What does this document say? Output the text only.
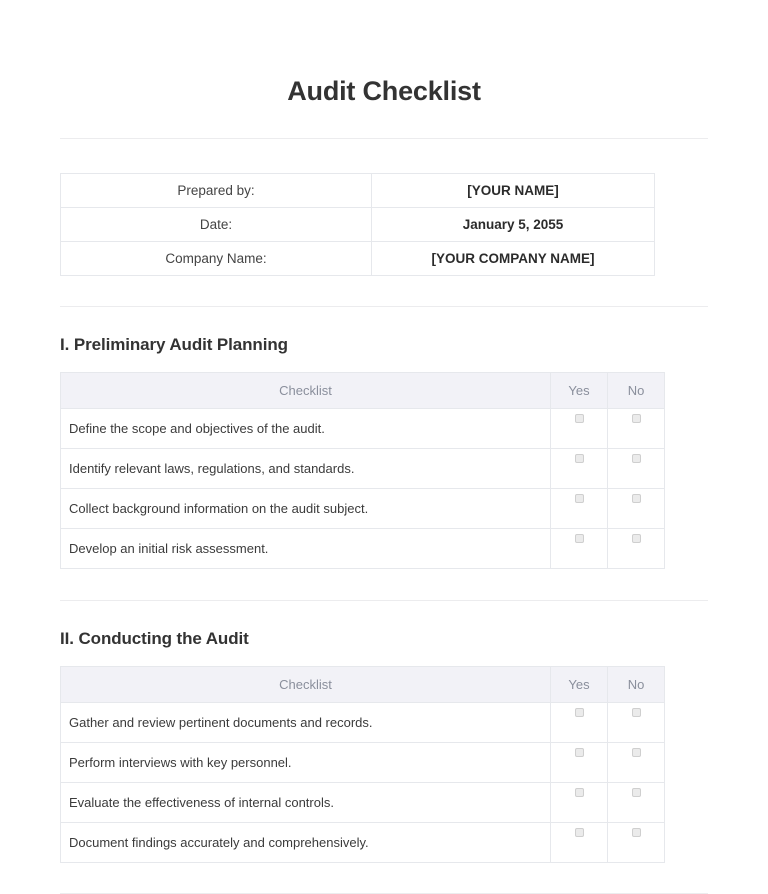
Audit Checklist
Prepared by:	[YOUR NAME]
Date:	January 5, 2055
Company Name:	[YOUR COMPANY NAME]
I. Preliminary Audit Planning
Checklist	Yes	No
Define the scope and objectives of the audit.		
Identify relevant laws, regulations, and standards.		
Collect background information on the audit subject.		
Develop an initial risk assessment.		
II. Conducting the Audit
Checklist	Yes	No
Gather and review pertinent documents and records.		
Perform interviews with key personnel.		
Evaluate the effectiveness of internal controls.		
Document findings accurately and comprehensively.		
